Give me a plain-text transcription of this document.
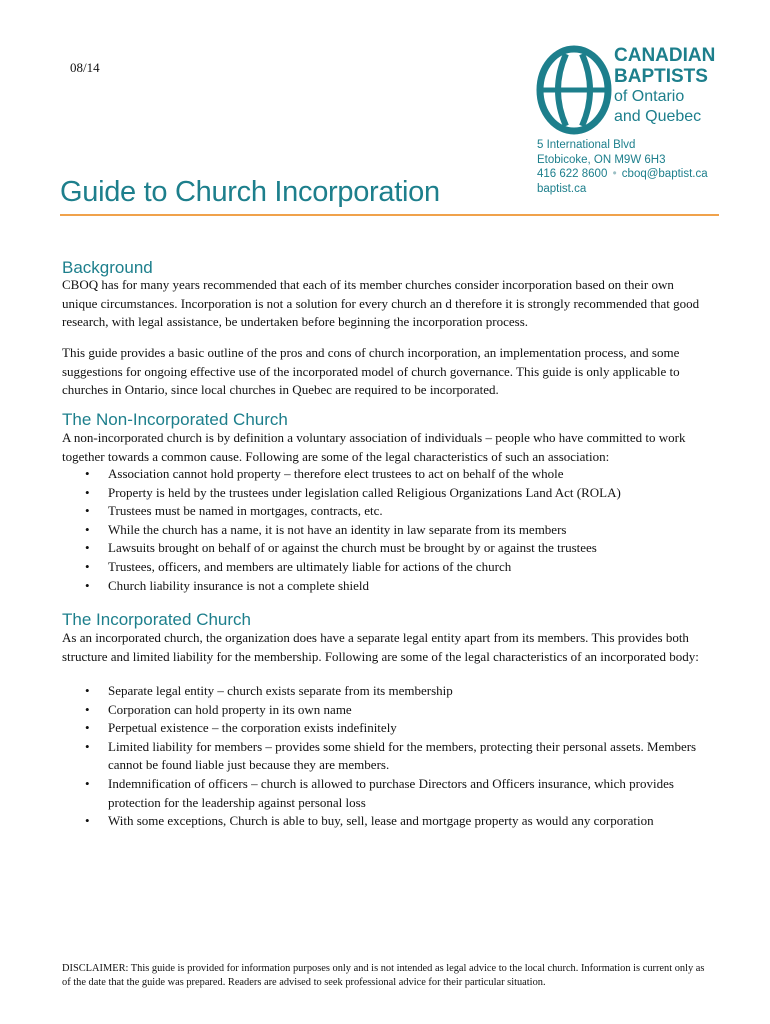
08/14
CANADIAN
BAPTISTS
of Ontario
and Quebec
5 International Blvd
Etobicoke, ON M9W 6H3
416 622 8600 • cboq@baptist.ca
baptist.ca
Guide to Church Incorporation
Background

CBOQ has for many years recommended that each of its member churches consider incorporation based on their own unique circumstances. Incorporation is not a solution for every church an d therefore it is strongly recommended that good research, with legal assistance, be undertaken before beginning the incorporation process.

This guide provides a basic outline of the pros and cons of church incorporation, an implementation process, and some suggestions for ongoing effective use of the incorporated model of church governance. This guide is only applicable to churches in Ontario, since local churches in Quebec are required to be incorporated.

The Non-Incorporated Church

A non-incorporated church is by definition a voluntary association of individuals – people who have committed to work together towards a common cause. Following are some of the legal characteristics of such an association:

• Association cannot hold property – therefore elect trustees to act on behalf of the whole
• Property is held by the trustees under legislation called Religious Organizations Land Act (ROLA)
• Trustees must be named in mortgages, contracts, etc.
• While the church has a name, it is not have an identity in law separate from its members
• Lawsuits brought on behalf of or against the church must be brought by or against the trustees
• Trustees, officers, and members are ultimately liable for actions of the church
• Church liability insurance is not a complete shield
The Incorporated Church

As an incorporated church, the organization does have a separate legal entity apart from its members. This provides both structure and limited liability for the membership. Following are some of the legal characteristics of an incorporated body:

• Separate legal entity – church exists separate from its membership
• Corporation can hold property in its own name
• Perpetual existence – the corporation exists indefinitely
• Limited liability for members – provides some shield for the members, protecting their personal assets. Members cannot be found liable just because they are members.
• Indemnification of officers – church is allowed to purchase Directors and Officers insurance, which provides protection for the leadership against personal loss
• With some exceptions, Church is able to buy, sell, lease and mortgage property as would any corporation

DISCLAIMER: This guide is provided for information purposes only and is not intended as legal advice to the local church. Information is current only as of the date that the guide was prepared. Readers are advised to seek professional advice for their particular situation.
